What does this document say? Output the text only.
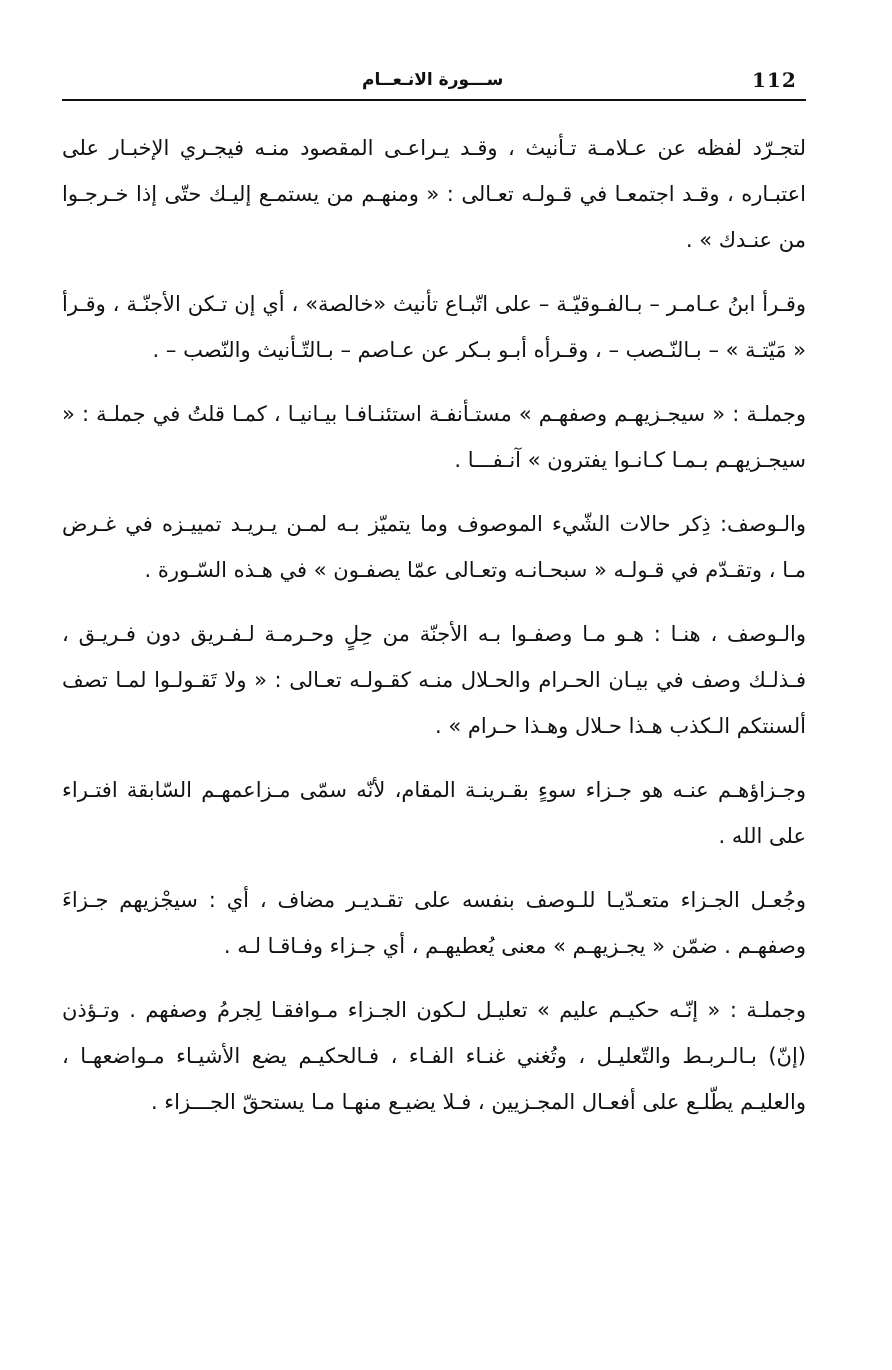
112
ســـورة الانـعــام

لتجـرّد لفظه عن عـلامـة تـأنيث ، وقـد يـراعـى المقصود منـه فيجـري الإخبـار على اعتبـاره ، وقـد اجتمعـا في قـولـه تعـالى : « ومنهـم من يستمـع إليـك حتّى إذا خـرجـوا من عنـدك » .

وقـرأ ابنُ عـامـر – بـالفـوقيّـة – على اتّبـاع تأنيث «خالصة» ، أي إن تـكن الأجنّـة ، وقـرأ « مَيّتـة » – بـالنّـصب – ، وقـرأه أبـو بـكر عن عـاصم – بـالتّـأنيث والنّصب – .

وجملـة : « سيجـزيهـم وصفهـم » مستـأنفـة استئنـافـا بيـانيـا ، كمـا قلتُ في جملـة : « سيجـزيهـم بـمـا كـانـوا يفترون » آنـفـــا .

والـوصف: ذِكر حالات الشّيء الموصوف وما يتميّز بـه لمـن يـريـد تمييـزه في غـرض مـا ، وتقـدّم في قـولـه « سبحـانـه وتعـالى عمّا يصفـون » في هـذه السّـورة .

والـوصف ، هنـا : هـو مـا وصفـوا بـه الأجنّة من حِلٍ وحـرمـة لـفـريق دون فـريـق ، فـذلـك وصف في بيـان الحـرام والحـلال منـه كقـولـه تعـالى : « ولا تَقـولـوا لمـا تصف ألسنتكم الـكذب هـذا حـلال وهـذا حـرام » .

وجـزاؤهـم عنـه هو جـزاء سوءٍ بقـرينـة المقام، لأنّه سمّى مـزاعمهـم السّابقة افتـراء على الله .

وجُعـل الجـزاء متعـدّيـا للـوصف بنفسه على تقـديـر مضاف ، أي : سيجْزيهم جـزاءَ وصفهـم . ضمّن « يجـزيهـم » معنى يُعطيهـم ، أي جـزاء وفـاقـا لـه .

وجملـة : « إنّـه حكيـم عليم » تعليـل لـكون الجـزاء مـوافقـا لِجرمُ وصفهم . وتـؤذن (إنّ) بـالـربـط والتّعليـل ، وتُغني غنـاء الفـاء ، فـالحكيـم يضع الأشيـاء مـواضعهـا ، والعليـم يطّلـع على أفعـال المجـزيين ، فـلا يضيـع منهـا مـا يستحقّ الجـــزاء .
